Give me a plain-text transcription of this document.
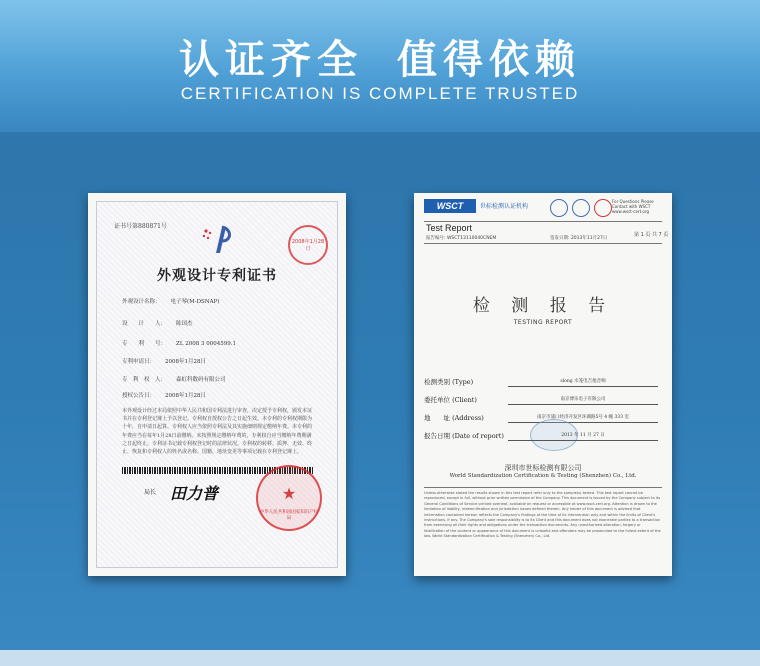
认证齐全 值得依赖
CERTIFICATION IS COMPLETE TRUSTED
证书号第880871号
2008年1月28日
外观设计专利证书
外观设计名称： 电子琴(M-DSNAP)
设　　计　　人： 陈国杰
专　　利　　号： ZL 2008 3 0004599.1
专利申请日： 2008年1月28日
专　利　权　人： 森虹科数码有限公司
授权公告日： 2008年1月28日
本外观设计经过本局依照中华人民共和国专利法进行审查，决定授予专利权，颁发本证书并在专利登记簿上予以登记。专利权自授权公告之日起生效。本专利的专利权期限为十年，自申请日起算。专利权人应当依照专利法及其实施细则规定缴纳年费。本专利的年费应当在每年1月28日前缴纳。未按照规定缴纳年费的，专利权自应当缴纳年费期满之日起终止。专利证书记载专利权登记时的法律状况。专利权的转移、质押、无效、终止、恢复和专利权人的姓名或名称、国籍、地址变更等事项记载在专利登记簿上。
局长 田力普	★
中华人民共和国国家知识产权局
WSCT	世标检测认证机构
For Questions Please Contact with WSCT www.wsct-cert.org
Test Report
报告编号: WSCT13110040CNEM	签发日期: 2013年11月27日
第 1 页 共 7 页
检 测 报 告
TESTING REPORT
检测类别 (Type)	slong 水笼电吉他音响
委托单位 (Client)	南京博乐电子有限公司
地　　址 (Address)	南京市浦口经济开发区环湖路5号 4 幢 333 室
报告日期 (Date of report)	2013 年 11 月 27 日
深圳市世标检测有限公司
World Standardization Certification & Testing (Shenzhen) Co., Ltd.
Unless otherwise stated the results shown in this test report refer only to the sample(s) tested. This test report cannot be reproduced, except in full, without prior written permission of the Company. This document is issued by the Company subject to its General Conditions of Service printed overleaf, available on request or accessible at www.wsct-cert.org. Attention is drawn to the limitation of liability, indemnification and jurisdiction issues defined therein. Any holder of this document is advised that information contained hereon reflects the Company's findings at the time of its intervention only and within the limits of Client's instructions, if any. The Company's sole responsibility is to its Client and this document does not exonerate parties to a transaction from exercising all their rights and obligations under the transaction documents. Any unauthorized alteration, forgery or falsification of the content or appearance of this document is unlawful and offenders may be prosecuted to the fullest extent of the law. World Standardization Certification & Testing (Shenzhen) Co., Ltd.
